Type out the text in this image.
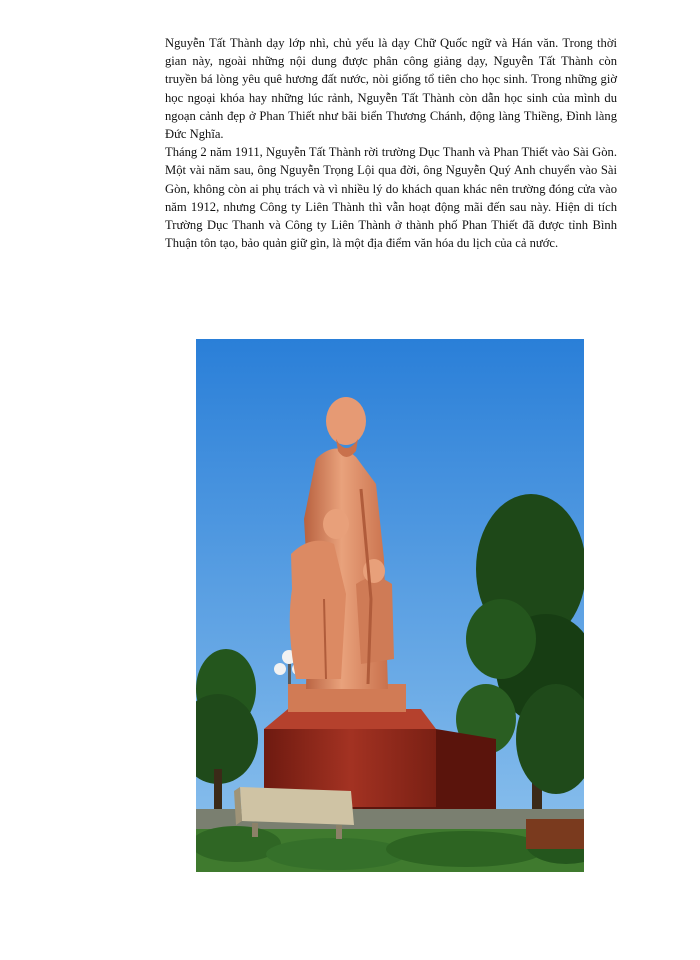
Nguyễn Tất Thành dạy lớp nhì, chủ yếu là dạy Chữ Quốc ngữ và Hán văn. Trong thời gian này, ngoài những nội dung được phân công giảng dạy, Nguyễn Tất Thành còn truyền bá lòng yêu quê hương đất nước, nòi giống tổ tiên cho học sinh. Trong những giờ học ngoại khóa hay những lúc rảnh, Nguyễn Tất Thành còn dẫn học sinh của mình du ngoạn cảnh đẹp ở Phan Thiết như bãi biển Thương Chánh, động làng Thiềng, Đình làng Đức Nghĩa.

Tháng 2 năm 1911, Nguyễn Tất Thành rời trường Dục Thanh và Phan Thiết vào Sài Gòn. Một vài năm sau, ông Nguyễn Trọng Lội qua đời, ông Nguyễn Quý Anh chuyển vào Sài Gòn, không còn ai phụ trách và vì nhiều lý do khách quan khác nên trường đóng cửa vào năm 1912, nhưng Công ty Liên Thành thì vẫn hoạt động mãi đến sau này. Hiện di tích Trường Dục Thanh và Công ty Liên Thành ở thành phố Phan Thiết đã được tỉnh Bình Thuận tôn tạo, bảo quản giữ gìn, là một địa điểm văn hóa du lịch của cả nước.
